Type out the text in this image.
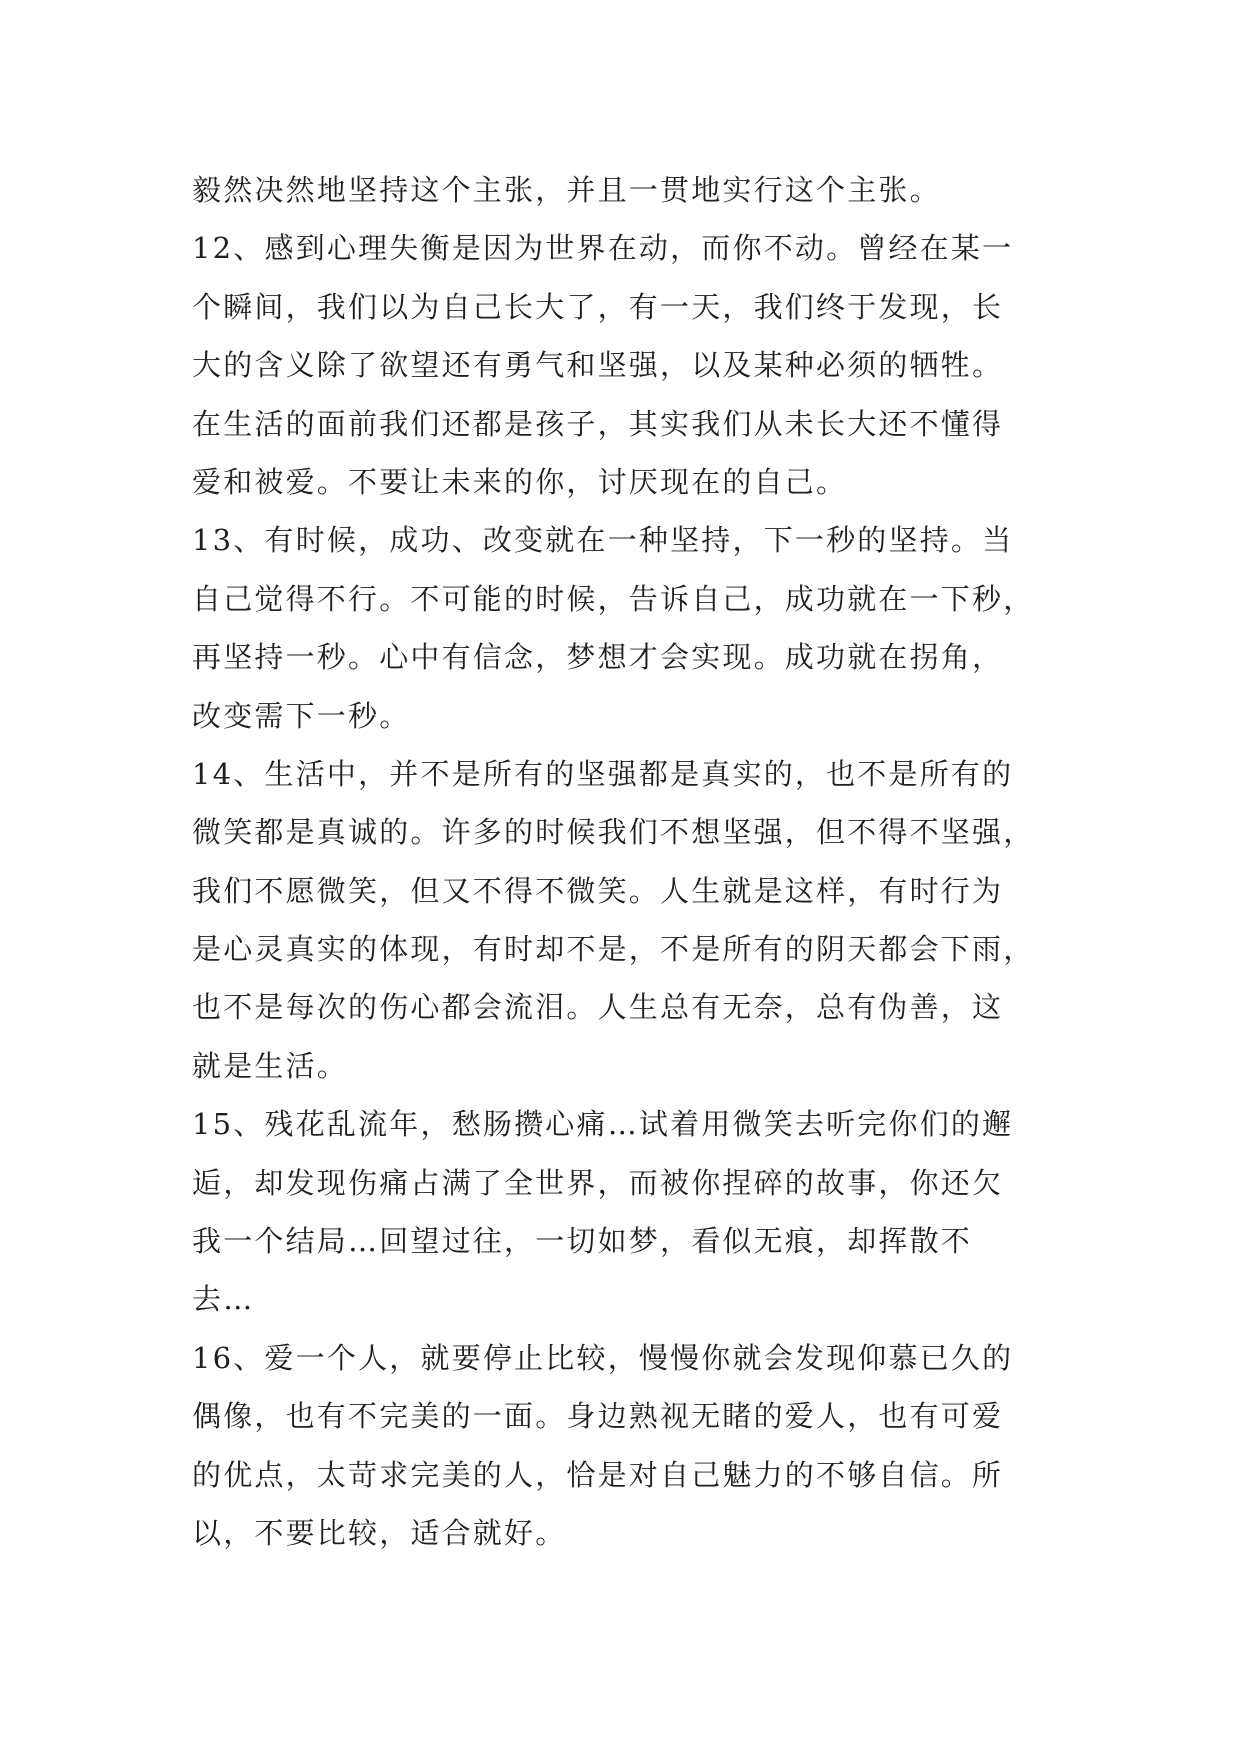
毅然决然地坚持这个主张，并且一贯地实行这个主张。
12、感到心理失衡是因为世界在动，而你不动。曾经在某一
个瞬间，我们以为自己长大了，有一天，我们终于发现，长
大的含义除了欲望还有勇气和坚强，以及某种必须的牺牲。
在生活的面前我们还都是孩子，其实我们从未长大还不懂得
爱和被爱。不要让未来的你，讨厌现在的自己。
13、有时候，成功、改变就在一种坚持，下一秒的坚持。当
自己觉得不行。不可能的时候，告诉自己，成功就在一下秒，
再坚持一秒。心中有信念，梦想才会实现。成功就在拐角，
改变需下一秒。
14、生活中，并不是所有的坚强都是真实的，也不是所有的
微笑都是真诚的。许多的时候我们不想坚强，但不得不坚强，
我们不愿微笑，但又不得不微笑。人生就是这样，有时行为
是心灵真实的体现，有时却不是，不是所有的阴天都会下雨，
也不是每次的伤心都会流泪。人生总有无奈，总有伪善，这
就是生活。
15、残花乱流年，愁肠攒心痛…试着用微笑去听完你们的邂
逅，却发现伤痛占满了全世界，而被你捏碎的故事，你还欠
我一个结局…回望过往，一切如梦，看似无痕，却挥散不
去…
16、爱一个人，就要停止比较，慢慢你就会发现仰慕已久的
偶像，也有不完美的一面。身边熟视无睹的爱人，也有可爱
的优点，太苛求完美的人，恰是对自己魅力的不够自信。所
以，不要比较，适合就好。
